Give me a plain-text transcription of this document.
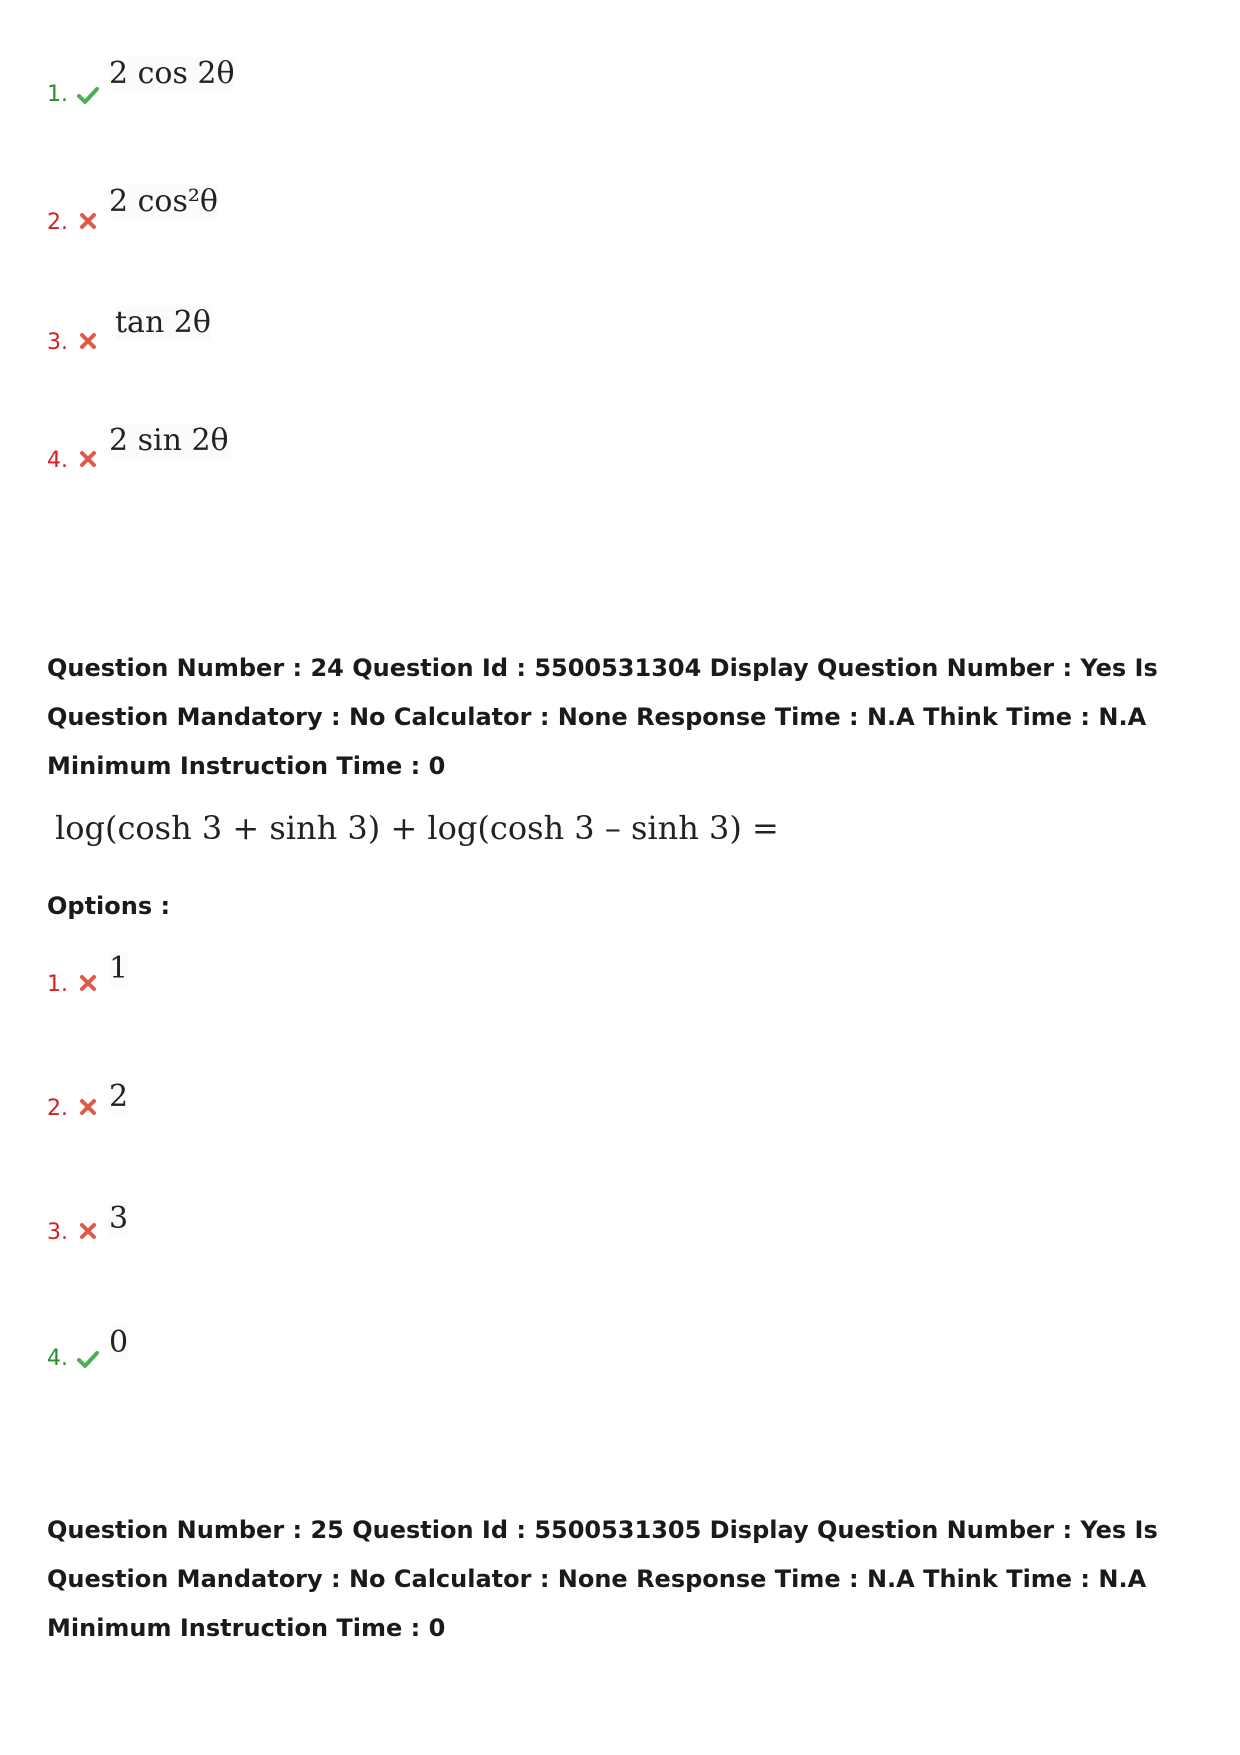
1.
2 cos 2θ
2.
2 cos²θ
3.
tan 2θ
4.
2 sin 2θ
Question Number : 24 Question Id : 5500531304 Display Question Number : Yes Is Question Mandatory : No Calculator : None Response Time : N.A Think Time : N.A Minimum Instruction Time : 0
log(cosh 3 + sinh 3) + log(cosh 3 – sinh 3) =
Options :
1. 1
2. 2
3. 3
4. 0
Question Number : 25 Question Id : 5500531305 Display Question Number : Yes Is Question Mandatory : No Calculator : None Response Time : N.A Think Time : N.A Minimum Instruction Time : 0
